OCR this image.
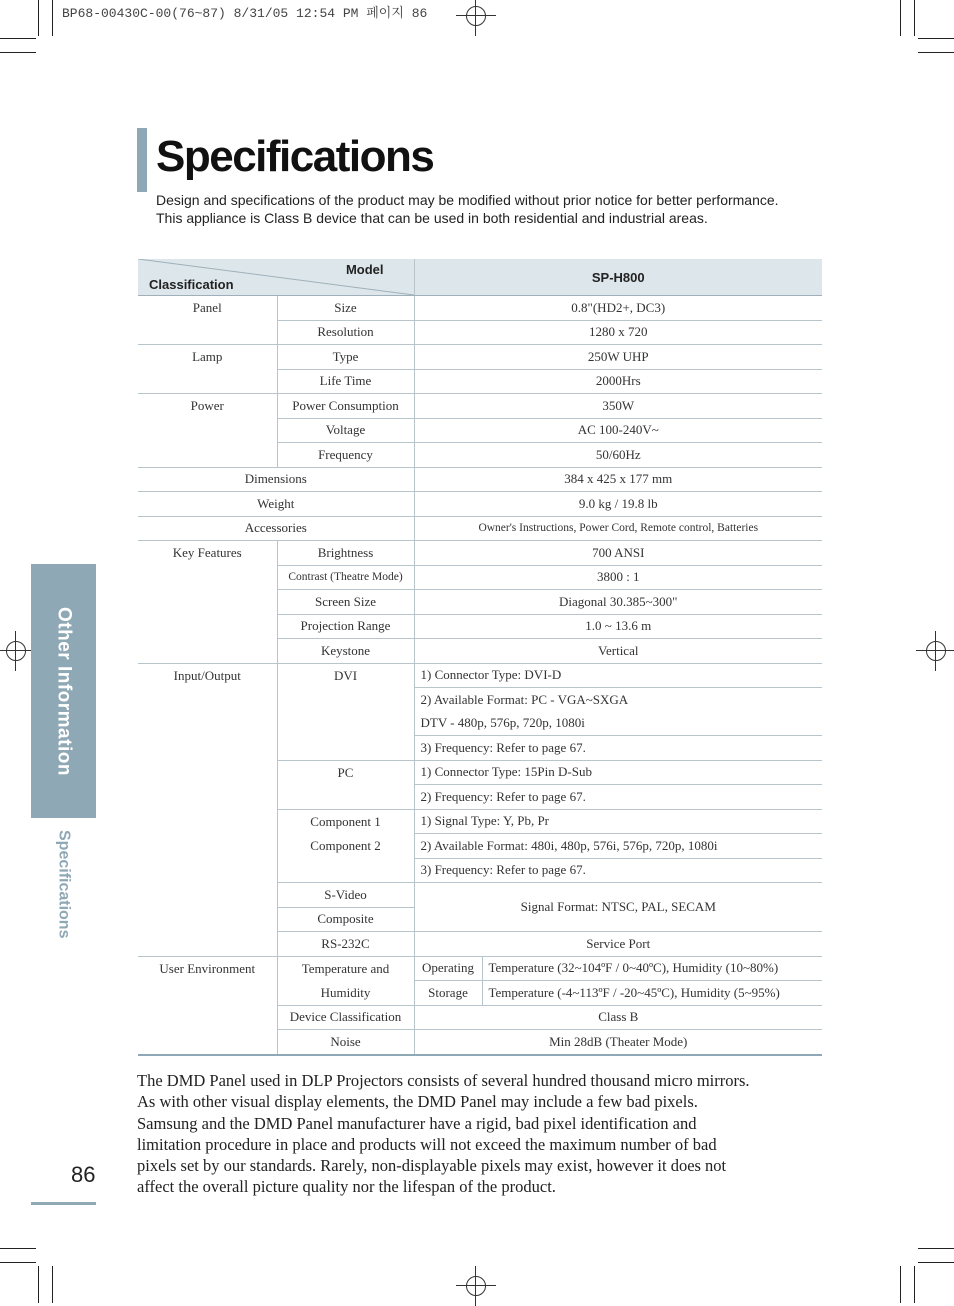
BP68-00430C-00(76~87) 8/31/05 12:54 PM 페이지 86
Other Information
Specifications
86
Specifications
Design and specifications of the product may be modified without prior notice for better performance.
This appliance is Class B device that can be used in both residential and industrial areas.
Model
Classification		SP-H800	
Panel	Size	0.8"(HD2+, DC3)	
	Resolution	1280 x 720	
Lamp	Type	250W UHP	
	Life Time	2000Hrs	
Power	Power Consumption	350W	
	Voltage	AC 100-240V~	
	Frequency	50/60Hz	
Dimensions		384 x 425 x 177 mm	
Weight		9.0 kg / 19.8 lb	
Accessories		Owner's Instructions, Power Cord, Remote control, Batteries	
Key Features	Brightness	700 ANSI	
	Contrast (Theatre Mode)	3800 : 1	
	Screen Size	Diagonal 30.385~300"	
	Projection Range	1.0 ~ 13.6 m	
	Keystone	Vertical	
Input/Output	DVI	1) Connector Type: DVI-D	
		2) Available Format: PC - VGA~SXGA	
		DTV - 480p, 576p, 720p, 1080i	
		3) Frequency: Refer to page 67.	
	PC	1) Connector Type: 15Pin D-Sub	
		2) Frequency: Refer to page 67.	
	Component 1	1) Signal Type: Y, Pb, Pr	
	Component 2	2) Available Format: 480i, 480p, 576i, 576p, 720p, 1080i	
		3) Frequency: Refer to page 67.	
	S-Video	Signal Format: NTSC, PAL, SECAM	
	Composite		
	RS-232C	Service Port	
User Environment	Temperature and	Operating	Temperature (32~104ºF / 0~40ºC), Humidity (10~80%)
	Humidity	Storage	Temperature (-4~113ºF / -20~45ºC), Humidity (5~95%)
	Device Classification	Class B	
	Noise	Min 28dB (Theater Mode)	
The DMD Panel used in DLP Projectors consists of several hundred thousand micro mirrors.
As with other visual display elements, the DMD Panel may include a few bad pixels.
Samsung and the DMD Panel manufacturer have a rigid, bad pixel identification and
limitation procedure in place and products will not exceed the maximum number of bad
pixels set by our standards. Rarely, non-displayable pixels may exist, however it does not
affect the overall picture quality nor the lifespan of the product.
